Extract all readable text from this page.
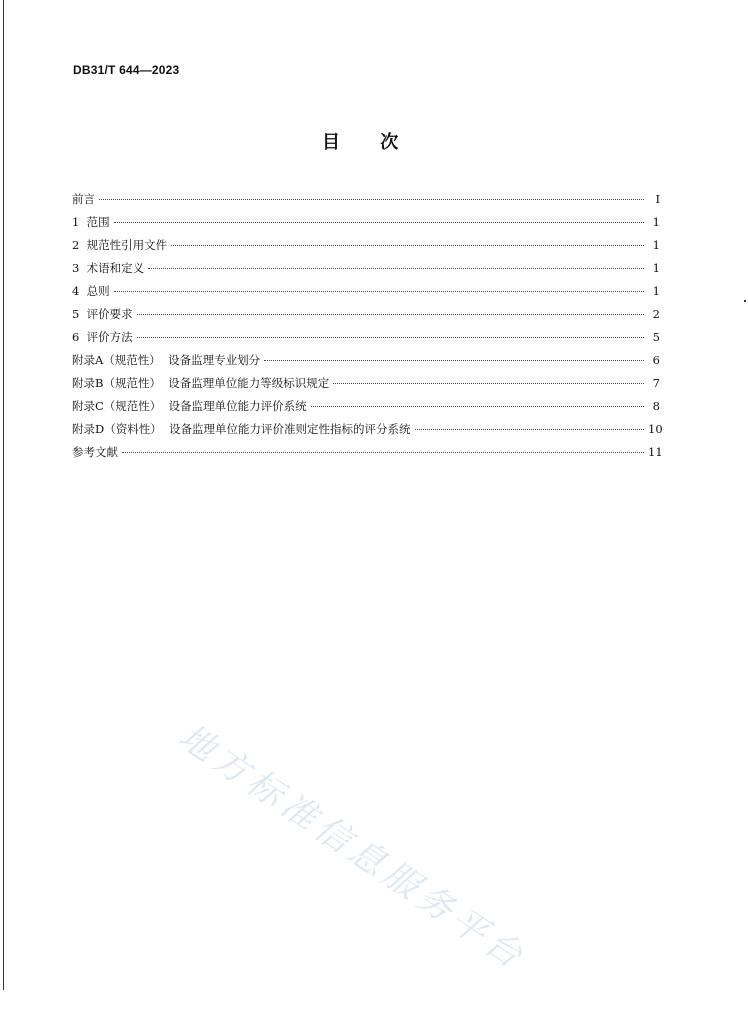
DB31/T 644—2023
目 次
前言	I
1  范围	1
2  规范性引用文件	1
3  术语和定义	1
4  总则	1
5  评价要求	2
6  评价方法	5
附录A（规范性）  设备监理专业划分	6
附录B（规范性）  设备监理单位能力等级标识规定	7
附录C（规范性）  设备监理单位能力评价系统	8
附录D（资料性）  设备监理单位能力评价准则定性指标的评分系统	10
参考文献	11
地方标准信息服务平台
